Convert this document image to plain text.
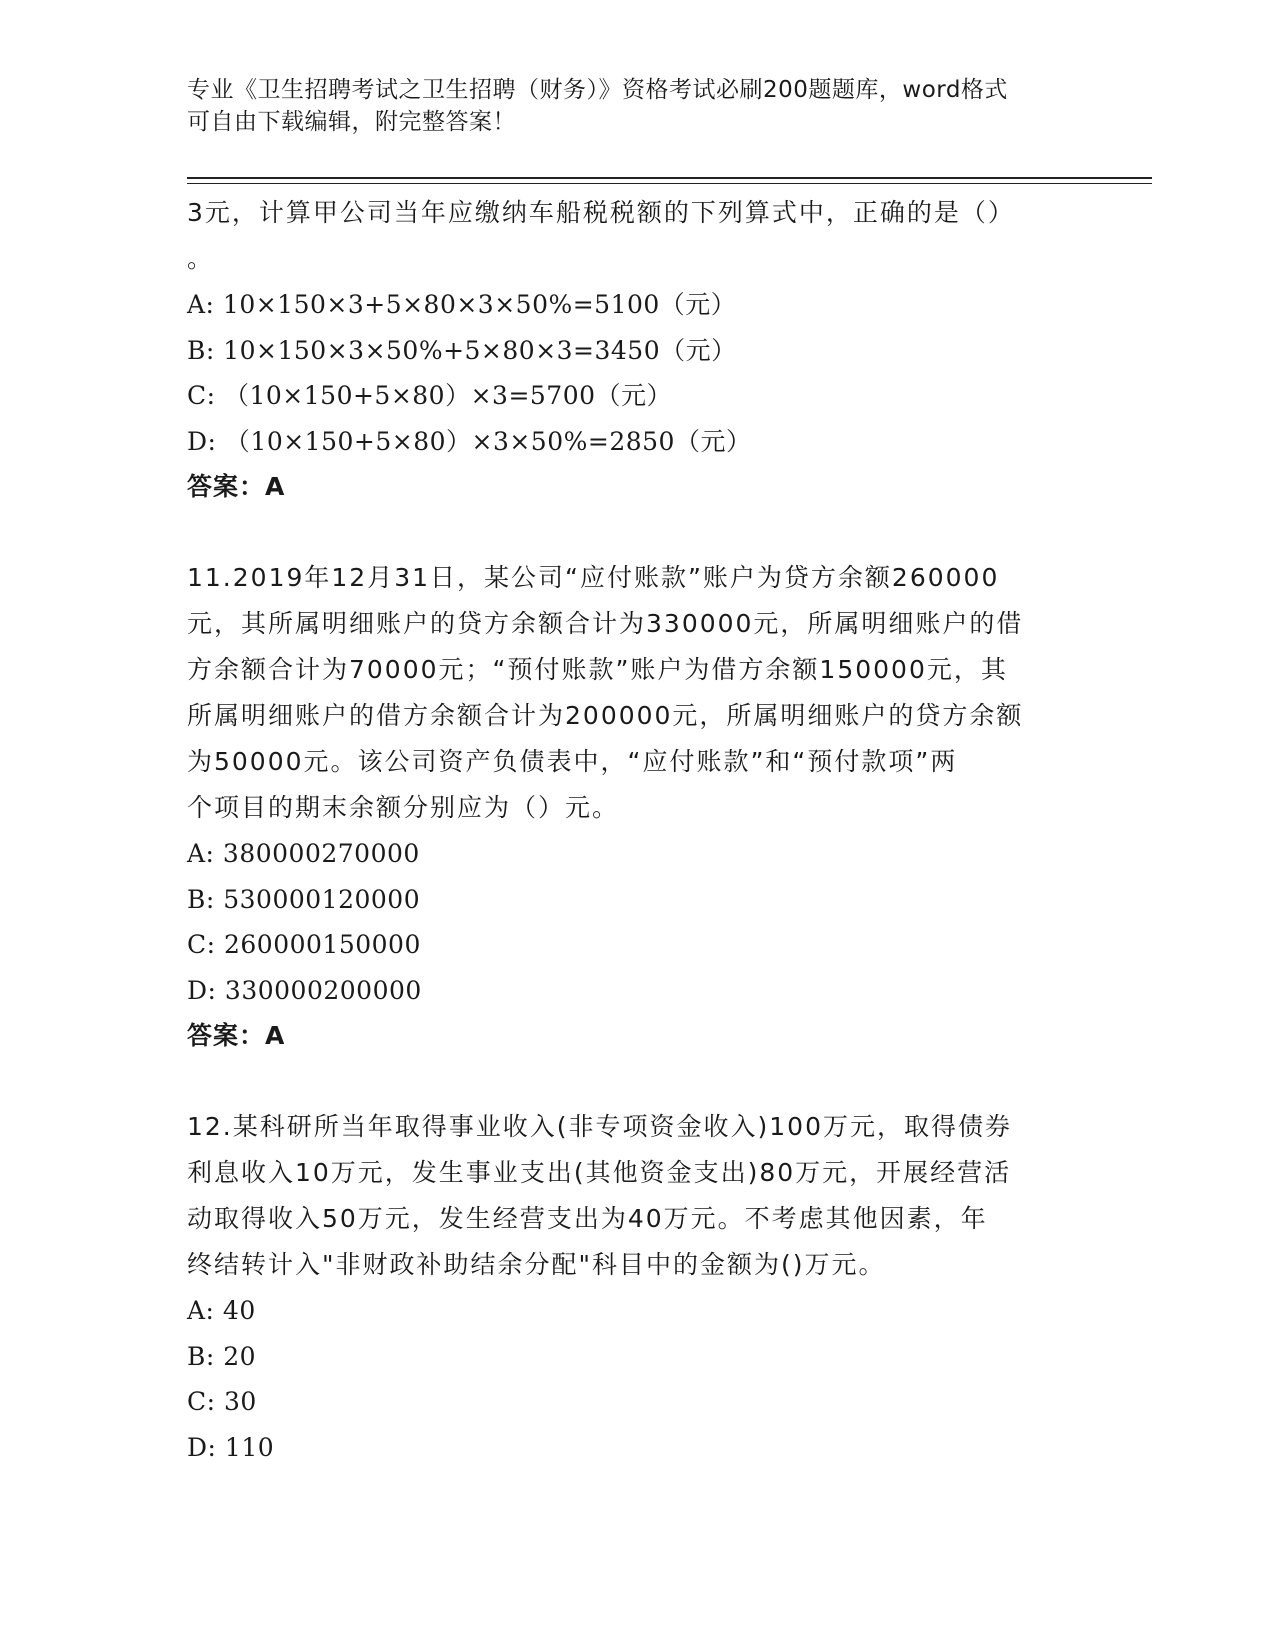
专业《卫生招聘考试之卫生招聘（财务）》资格考试必刷200题题库，word格式
可自由下载编辑，附完整答案！

3元，计算甲公司当年应缴纳车船税税额的下列算式中，正确的是（）

。

A: 10×150×3+5×80×3×50%=5100（元）

B: 10×150×3×50%+5×80×3=3450（元）

C: （10×150+5×80）×3=5700（元）

D: （10×150+5×80）×3×50%=2850（元）

答案：A

11.2019年12月31日，某公司“应付账款”账户为贷方余额260000

元，其所属明细账户的贷方余额合计为330000元，所属明细账户的借

方余额合计为70000元；“预付账款”账户为借方余额150000元，其

所属明细账户的借方余额合计为200000元，所属明细账户的贷方余额

为50000元。该公司资产负债表中，“应付账款”和“预付款项”两

个项目的期末余额分别应为（）元。

A: 380000270000

B: 530000120000

C: 260000150000

D: 330000200000

答案：A

12.某科研所当年取得事业收入(非专项资金收入)100万元，取得债券

利息收入10万元，发生事业支出(其他资金支出)80万元，开展经营活

动取得收入50万元，发生经营支出为40万元。不考虑其他因素，年

终结转计入"非财政补助结余分配"科目中的金额为()万元。

A: 40

B: 20

C: 30

D: 110
